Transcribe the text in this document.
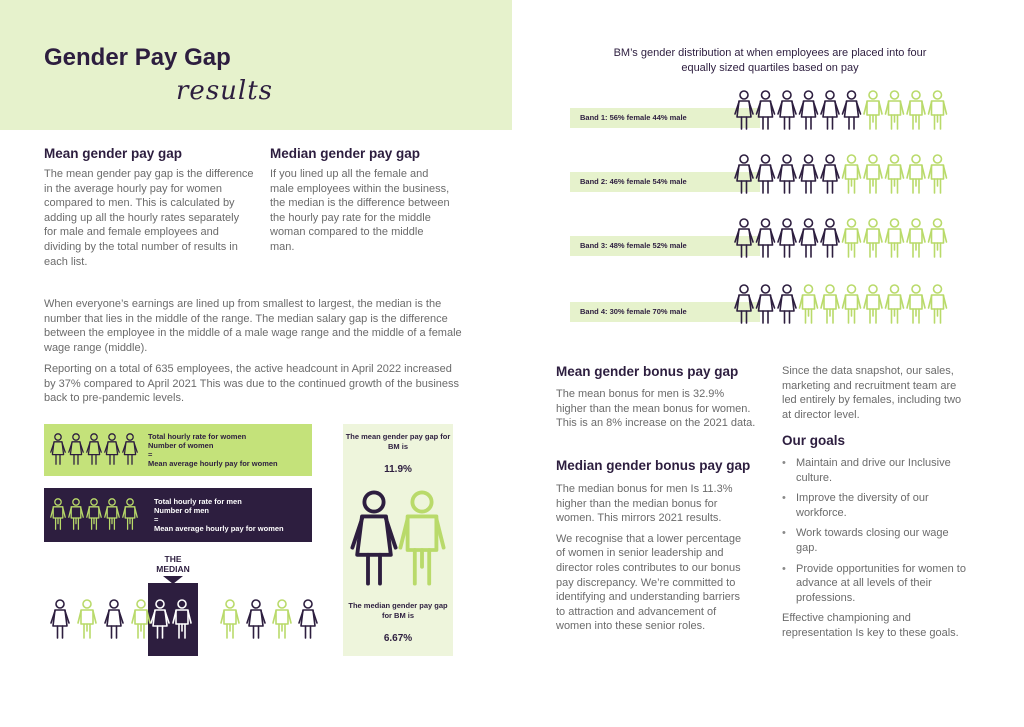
Gender Pay Gap
results
Mean gender pay gap

The mean gender pay gap is the difference in the average hourly pay for women compared to men. This is calculated by adding up all the hourly rates separately for male and female employees and dividing by the total number of results in each list.

Median gender pay gap

If you lined up all the female and male employees within the business, the median is the difference between the hourly pay rate for the middle woman compared to the middle man.

When everyone’s earnings are lined up from smallest to largest, the median is the number that lies in the middle of the range. The median salary gap is the difference between the employee in the middle of a male wage range and the middle of a female wage range (middle).

Reporting on a total of 635 employees, the active headcount in April 2022 increased by 37% compared to April 2021 This was due to the continued growth of the business back to pre-pandemic levels.

Total hourly rate for women
Number of women
=
Mean average hourly pay for women
Total hourly rate for men
Number of men
=
Mean average hourly pay for women
THE
MEDIAN
The mean gender pay gap for BM is
11.9%
The median gender pay gap for BM is
6.67%
BM’s gender distribution at when employees are placed into four equally sized quartiles based on pay
Band 1: 56% female 44% male
Band 2: 46% female 54% male
Band 3: 48% female 52% male
Band 4: 30% female 70% male
Mean gender bonus pay gap

The mean bonus for men is 32.9% higher than the mean bonus for women. This is an 8% increase on the 2021 data.

Median gender bonus pay gap

The median bonus for men Is 11.3% higher than the median bonus for women. This mirrors 2021 results.

We recognise that a lower percentage of women in senior leadership and director roles contributes to our bonus pay discrepancy. We’re committed to identifying and understanding barriers to attraction and advancement of women into these senior roles.

Since the data snapshot, our sales, marketing and recruitment team are led entirely by females, including two at director level.

Our goals
• Maintain and drive our Inclusive culture.
• Improve the diversity of our workforce.
• Work towards closing our wage gap.
• Provide opportunities for women to advance at all levels of their professions.

Effective championing and representation Is key to these goals.
